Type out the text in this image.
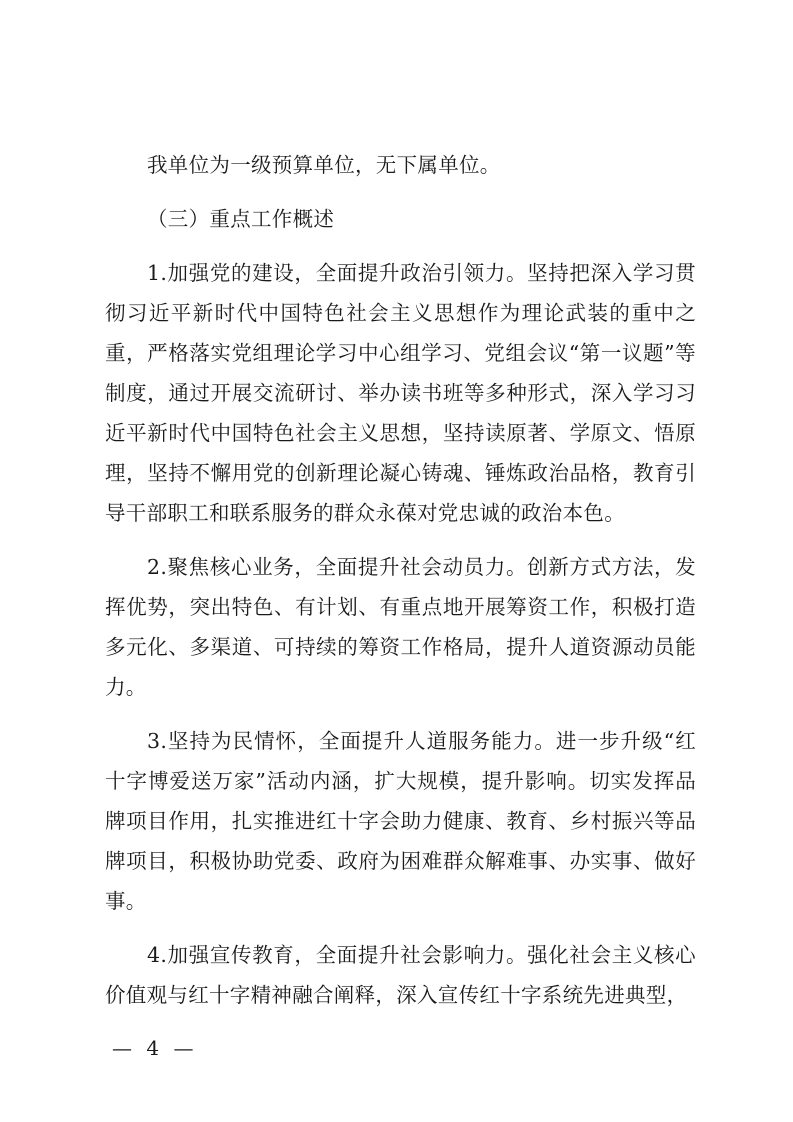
我单位为一级预算单位，无下属单位。

（三）重点工作概述

1.加强党的建设，全面提升政治引领力。坚持把深入学习贯彻习近平新时代中国特色社会主义思想作为理论武装的重中之重，严格落实党组理论学习中心组学习、党组会议“第一议题”等制度，通过开展交流研讨、举办读书班等多种形式，深入学习习近平新时代中国特色社会主义思想，坚持读原著、学原文、悟原理，坚持不懈用党的创新理论凝心铸魂、锤炼政治品格，教育引导干部职工和联系服务的群众永葆对党忠诚的政治本色。

2.聚焦核心业务，全面提升社会动员力。创新方式方法，发挥优势，突出特色、有计划、有重点地开展筹资工作，积极打造多元化、多渠道、可持续的筹资工作格局，提升人道资源动员能力。

3.坚持为民情怀，全面提升人道服务能力。进一步升级“红十字博爱送万家”活动内涵，扩大规模，提升影响。切实发挥品牌项目作用，扎实推进红十字会助力健康、教育、乡村振兴等品牌项目，积极协助党委、政府为困难群众解难事、办实事、做好事。

4.加强宣传教育，全面提升社会影响力。强化社会主义核心价值观与红十字精神融合阐释，深入宣传红十字系统先进典型，

— 4 —
